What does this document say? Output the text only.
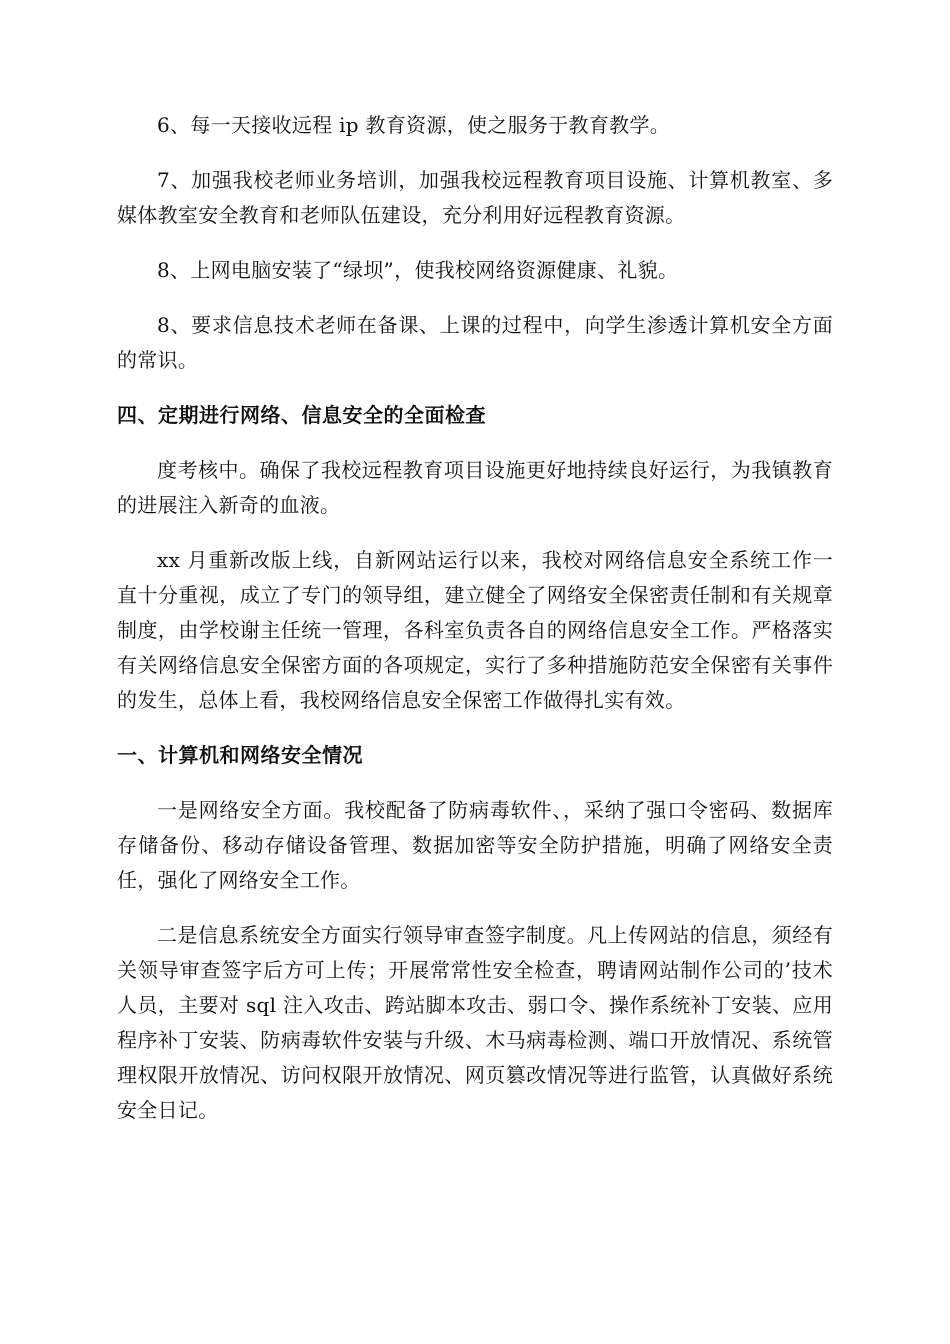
6、每一天接收远程 ip 教育资源，使之服务于教育教学。

7、加强我校老师业务培训，加强我校远程教育项目设施、计算机教室、多媒体教室安全教育和老师队伍建设，充分利用好远程教育资源。

8、上网电脑安装了“绿坝”，使我校网络资源健康、礼貌。

8、要求信息技术老师在备课、上课的过程中，向学生渗透计算机安全方面的常识。

四、定期进行网络、信息安全的全面检查

度考核中。确保了我校远程教育项目设施更好地持续良好运行，为我镇教育的进展注入新奇的血液。

xx 月重新改版上线，自新网站运行以来，我校对网络信息安全系统工作一直十分重视，成立了专门的领导组，建立健全了网络安全保密责任制和有关规章制度，由学校谢主任统一管理，各科室负责各自的网络信息安全工作。严格落实有关网络信息安全保密方面的各项规定，实行了多种措施防范安全保密有关事件的发生，总体上看，我校网络信息安全保密工作做得扎实有效。

一、计算机和网络安全情况

一是网络安全方面。我校配备了防病毒软件、，采纳了强口令密码、数据库存储备份、移动存储设备管理、数据加密等安全防护措施，明确了网络安全责任，强化了网络安全工作。

二是信息系统安全方面实行领导审查签字制度。凡上传网站的信息，须经有关领导审查签字后方可上传；开展常常性安全检查，聘请网站制作公司的’技术人员，主要对 sql 注入攻击、跨站脚本攻击、弱口令、操作系统补丁安装、应用程序补丁安装、防病毒软件安装与升级、木马病毒检测、端口开放情况、系统管理权限开放情况、访问权限开放情况、网页篡改情况等进行监管，认真做好系统安全日记。
